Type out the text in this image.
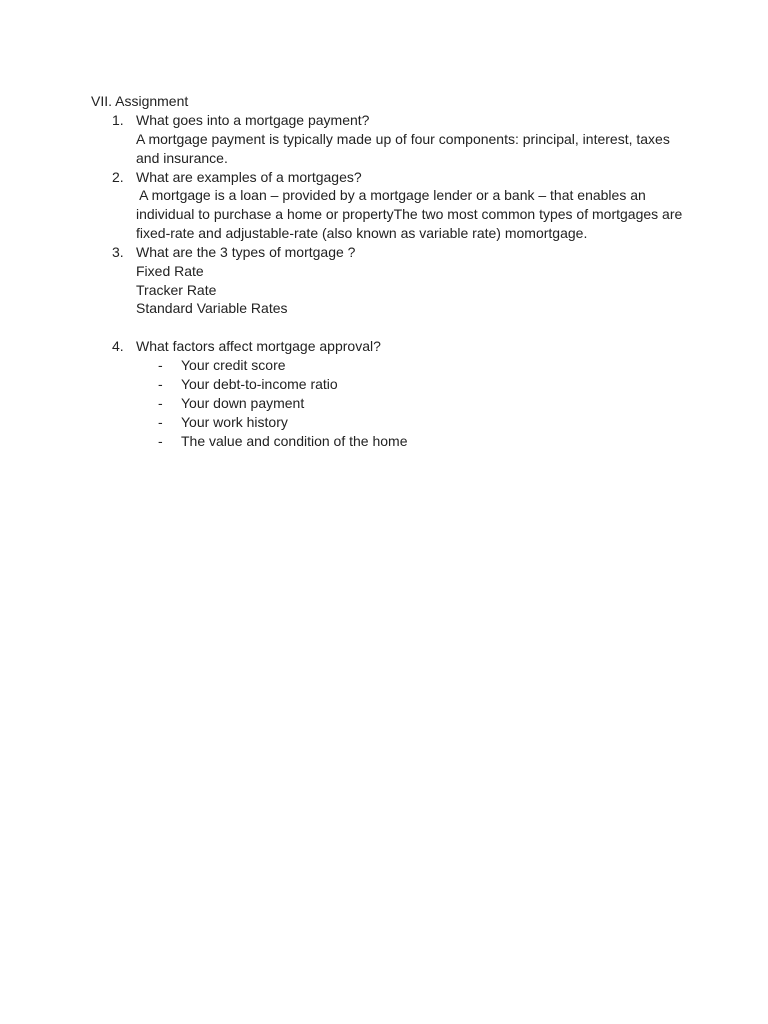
VII. Assignment
1. What goes into a mortgage payment?
A mortgage payment is typically made up of four components: principal, interest, taxes
and insurance.
2. What are examples of a mortgages?
A mortgage is a loan – provided by a mortgage lender or a bank – that enables an
individual to purchase a home or propertyThe two most common types of mortgages are
fixed-rate and adjustable-rate (also known as variable rate) momortgage.
3. What are the 3 types of mortgage ?
Fixed Rate
Tracker Rate
Standard Variable Rates
4. What factors affect mortgage approval?
- Your credit score
- Your debt-to-income ratio
- Your down payment
- Your work history
- The value and condition of the home
